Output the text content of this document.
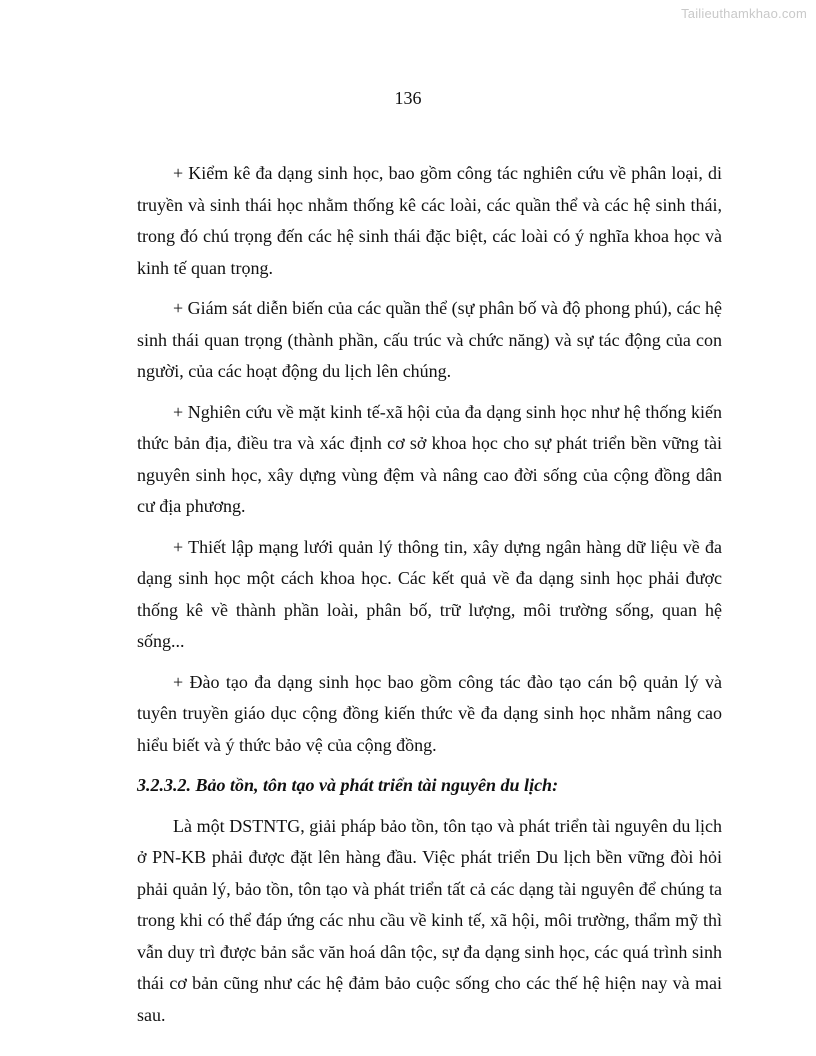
Tailieuthamkhao.com
136

+ Kiểm kê đa dạng sinh học, bao gồm công tác nghiên cứu về phân loại, di truyền và sinh thái học nhằm thống kê các loài, các quần thể và các hệ sinh thái, trong đó chú trọng đến các hệ sinh thái đặc biệt, các loài có ý nghĩa khoa học và kinh tế quan trọng.

+ Giám sát diễn biến của các quần thể (sự phân bố và độ phong phú), các hệ sinh thái quan trọng (thành phần, cấu trúc và chức năng) và sự tác động của con người, của các hoạt động du lịch lên chúng.

+ Nghiên cứu về mặt kinh tế-xã hội của đa dạng sinh học như hệ thống kiến thức bản địa, điều tra và xác định cơ sở khoa học cho sự phát triển bền vững tài nguyên sinh học, xây dựng vùng đệm và nâng cao đời sống của cộng đồng dân cư địa phương.

+ Thiết lập mạng lưới quản lý thông tin, xây dựng ngân hàng dữ liệu về đa dạng sinh học một cách khoa học. Các kết quả về đa dạng sinh học phải được thống kê về thành phần loài, phân bố, trữ lượng, môi trường sống, quan hệ sống...

+ Đào tạo đa dạng sinh học bao gồm công tác đào tạo cán bộ quản lý và tuyên truyền giáo dục cộng đồng kiến thức về đa dạng sinh học nhằm nâng cao hiểu biết và ý thức bảo vệ của cộng đồng.

3.2.3.2. Bảo tồn, tôn tạo và phát triển tài nguyên du lịch:

Là một DSTNTG, giải pháp bảo tồn, tôn tạo và phát triển tài nguyên du lịch ở PN-KB phải được đặt lên hàng đầu. Việc phát triển Du lịch bền vững đòi hỏi phải quản lý, bảo tồn, tôn tạo và phát triển tất cả các dạng tài nguyên để chúng ta trong khi có thể đáp ứng các nhu cầu về kinh tế, xã hội, môi trường, thẩm mỹ thì vẫn duy trì được bản sắc văn hoá dân tộc, sự đa dạng sinh học, các quá trình sinh thái cơ bản cũng như các hệ đảm bảo cuộc sống cho các thế hệ hiện nay và mai sau.
